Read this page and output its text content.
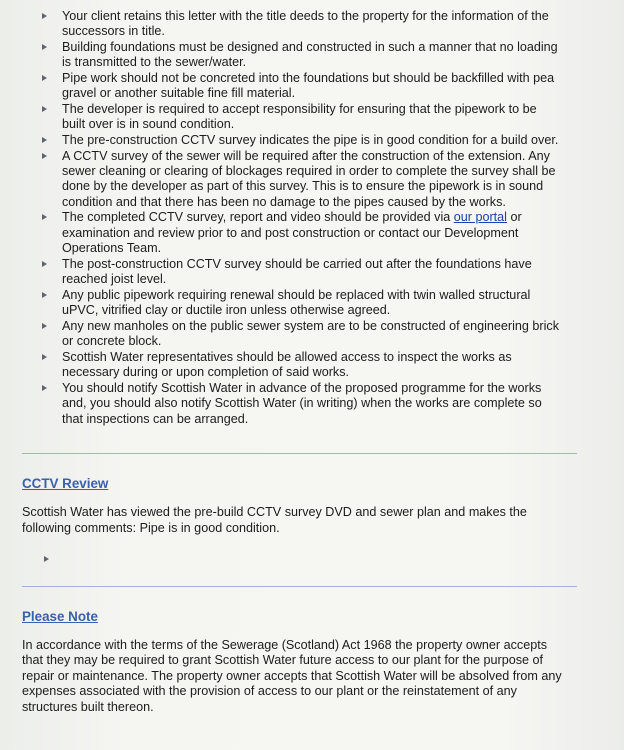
Your client retains this letter with the title deeds to the property for the information of the successors in title.
Building foundations must be designed and constructed in such a manner that no loading is transmitted to the sewer/water.
Pipe work should not be concreted into the foundations but should be backfilled with pea gravel or another suitable fine fill material.
The developer is required to accept responsibility for ensuring that the pipework to be built over is in sound condition.
The pre-construction CCTV survey indicates the pipe is in good condition for a build over.
A CCTV survey of the sewer will be required after the construction of the extension. Any sewer cleaning or clearing of blockages required in order to complete the survey shall be done by the developer as part of this survey. This is to ensure the pipework is in sound condition and that there has been no damage to the pipes caused by the works.
The completed CCTV survey, report and video should be provided via our portal or examination and review prior to and post construction or contact our Development Operations Team.
The post-construction CCTV survey should be carried out after the foundations have reached joist level.
Any public pipework requiring renewal should be replaced with twin walled structural uPVC, vitrified clay or ductile iron unless otherwise agreed.
Any new manholes on the public sewer system are to be constructed of engineering brick or concrete block.
Scottish Water representatives should be allowed access to inspect the works as necessary during or upon completion of said works.
You should notify Scottish Water in advance of the proposed programme for the works and, you should also notify Scottish Water (in writing) when the works are complete so that inspections can be arranged.
CCTV Review

Scottish Water has viewed the pre-build CCTV survey DVD and sewer plan and makes the following comments: Pipe is in good condition.

Please Note

In accordance with the terms of the Sewerage (Scotland) Act 1968 the property owner accepts that they may be required to grant Scottish Water future access to our plant for the purpose of repair or maintenance. The property owner accepts that Scottish Water will be absolved from any expenses associated with the provision of access to our plant or the reinstatement of any structures built thereon.
